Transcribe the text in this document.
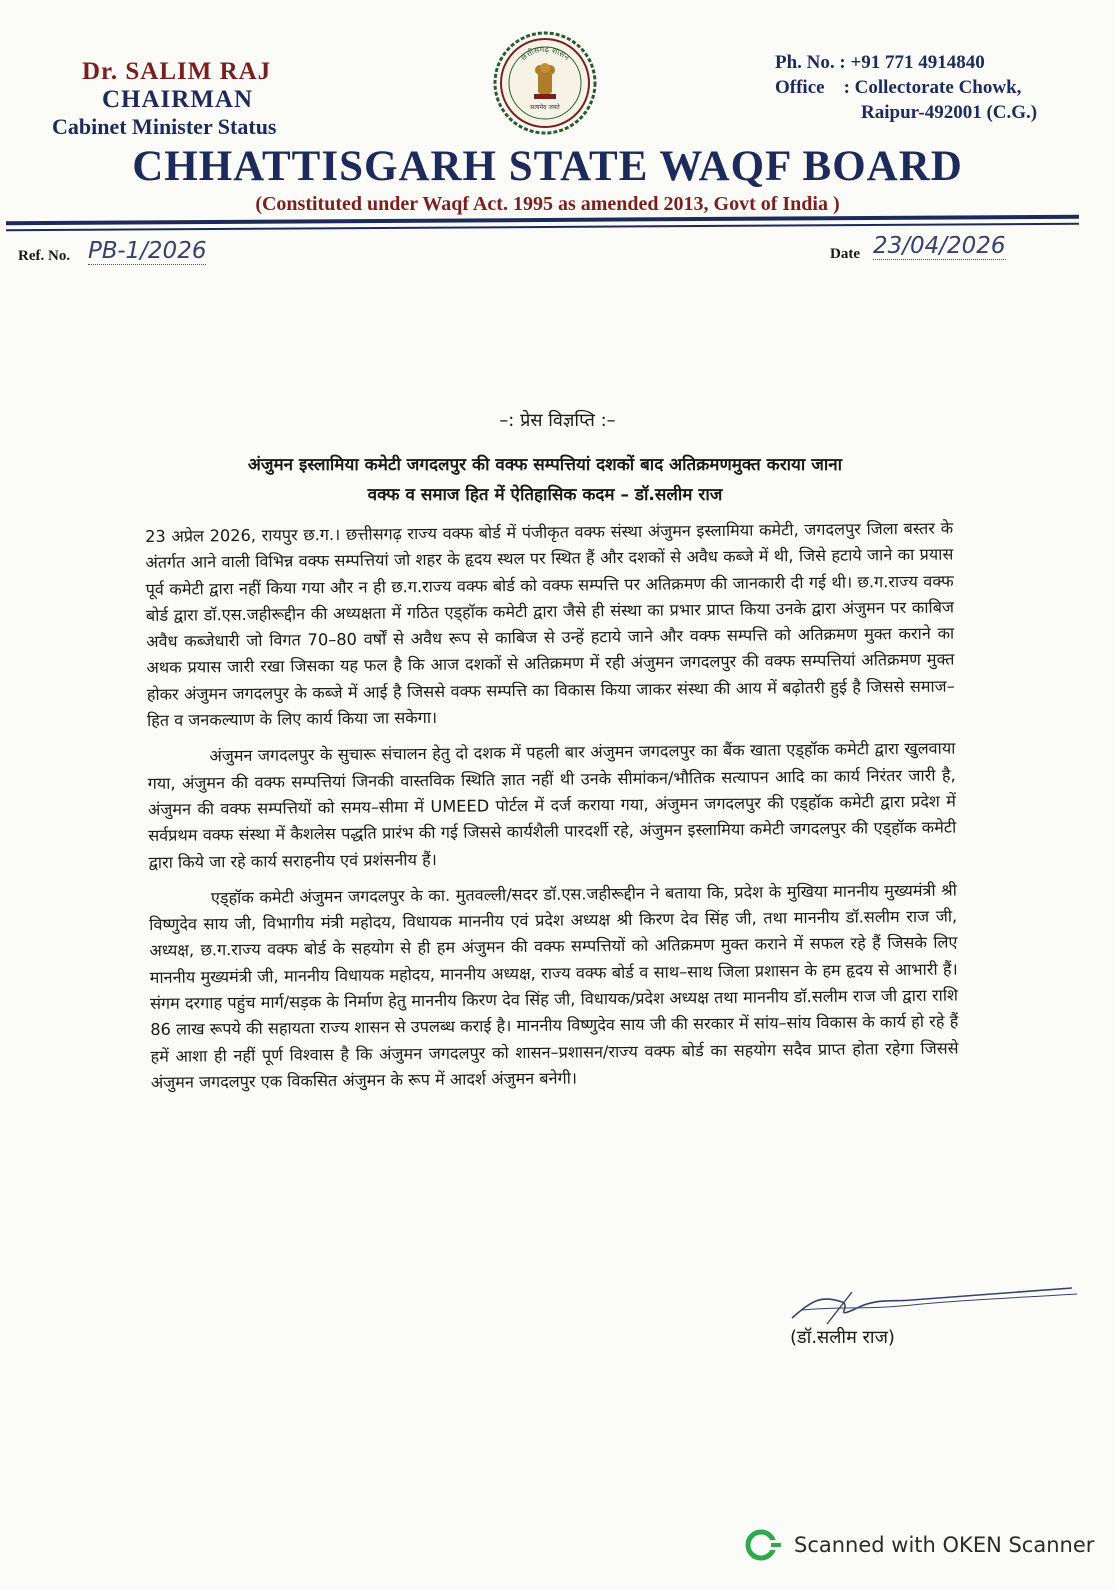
Dr. SALIM RAJ
CHAIRMAN
Cabinet Minister Status
छत्तीसगढ़ शासन
सत्यमेव जयते
Ph. No. : +91 771 4914840
Office : Collectorate Chowk,
Raipur-492001 (C.G.)
CHHATTISGARH STATE WAQF BOARD
(Constituted under Waqf Act. 1995 as amended 2013, Govt of India )
Ref. No. PB-1/2026	Date 23/04/2026
–: प्रेस विज्ञप्ति :–
अंजुमन इस्लामिया कमेटी जगदलपुर की वक्फ सम्पत्तियां दशकों बाद अतिक्रमणमुक्त कराया जाना
वक्फ व समाज हित में ऐतिहासिक कदम – डॉ.सलीम राज

23 अप्रेल 2026, रायपुर छ.ग.। छत्तीसगढ़ राज्य वक्फ बोर्ड में पंजीकृत वक्फ संस्था अंजुमन इस्लामिया कमेटी, जगदलपुर जिला बस्तर के अंतर्गत आने वाली विभिन्न वक्फ सम्पत्तियां जो शहर के हृदय स्थल पर स्थित हैं और दशकों से अवैध कब्जे में थी, जिसे हटाये जाने का प्रयास पूर्व कमेटी द्वारा नहीं किया गया और न ही छ.ग.राज्य वक्फ बोर्ड को वक्फ सम्पत्ति पर अतिक्रमण की जानकारी दी गई थी। छ.ग.राज्य वक्फ बोर्ड द्वारा डॉ.एस.जहीरूद्दीन की अध्यक्षता में गठित एड्हॉक कमेटी द्वारा जैसे ही संस्था का प्रभार प्राप्त किया उनके द्वारा अंजुमन पर काबिज अवैध कब्जेधारी जो विगत 70–80 वर्षों से अवैध रूप से काबिज से उन्हें हटाये जाने और वक्फ सम्पत्ति को अतिक्रमण मुक्त कराने का अथक प्रयास जारी रखा जिसका यह फल है कि आज दशकों से अतिक्रमण में रही अंजुमन जगदलपुर की वक्फ सम्पत्तियां अतिक्रमण मुक्त होकर अंजुमन जगदलपुर के कब्जे में आई है जिससे वक्फ सम्पत्ति का विकास किया जाकर संस्था की आय में बढ़ोतरी हुई है जिससे समाज–हित व जनकल्याण के लिए कार्य किया जा सकेगा।

अंजुमन जगदलपुर के सुचारू संचालन हेतु दो दशक में पहली बार अंजुमन जगदलपुर का बैंक खाता एड्हॉक कमेटी द्वारा खुलवाया गया, अंजुमन की वक्फ सम्पत्तियां जिनकी वास्तविक स्थिति ज्ञात नहीं थी उनके सीमांकन/भौतिक सत्यापन आदि का कार्य निरंतर जारी है, अंजुमन की वक्फ सम्पत्तियों को समय–सीमा में UMEED पोर्टल में दर्ज कराया गया, अंजुमन जगदलपुर की एड्हॉक कमेटी द्वारा प्रदेश में सर्वप्रथम वक्फ संस्था में कैशलेस पद्धति प्रारंभ की गई जिससे कार्यशैली पारदर्शी रहे, अंजुमन इस्लामिया कमेटी जगदलपुर की एड्हॉक कमेटी द्वारा किये जा रहे कार्य सराहनीय एवं प्रशंसनीय हैं।

एड्हॉक कमेटी अंजुमन जगदलपुर के का. मुतवल्ली/सदर डॉ.एस.जहीरूद्दीन ने बताया कि, प्रदेश के मुखिया माननीय मुख्यमंत्री श्री विष्णुदेव साय जी, विभागीय मंत्री महोदय, विधायक माननीय एवं प्रदेश अध्यक्ष श्री किरण देव सिंह जी, तथा माननीय डॉ.सलीम राज जी, अध्यक्ष, छ.ग.राज्य वक्फ बोर्ड के सहयोग से ही हम अंजुमन की वक्फ सम्पत्तियों को अतिक्रमण मुक्त कराने में सफल रहे हैं जिसके लिए माननीय मुख्यमंत्री जी, माननीय विधायक महोदय, माननीय अध्यक्ष, राज्य वक्फ बोर्ड व साथ–साथ जिला प्रशासन के हम हृदय से आभारी हैं। संगम दरगाह पहुंच मार्ग/सड़क के निर्माण हेतु माननीय किरण देव सिंह जी, विधायक/प्रदेश अध्यक्ष तथा माननीय डॉ.सलीम राज जी द्वारा राशि 86 लाख रूपये की सहायता राज्य शासन से उपलब्ध कराई है। माननीय विष्णुदेव साय जी की सरकार में सांय–सांय विकास के कार्य हो रहे हैं हमें आशा ही नहीं पूर्ण विश्वास है कि अंजुमन जगदलपुर को शासन–प्रशासन/राज्य वक्फ बोर्ड का सहयोग सदैव प्राप्त होता रहेगा जिससे अंजुमन जगदलपुर एक विकसित अंजुमन के रूप में आदर्श अंजुमन बनेगी।

(डॉ.सलीम राज)
Scanned with OKEN Scanner
